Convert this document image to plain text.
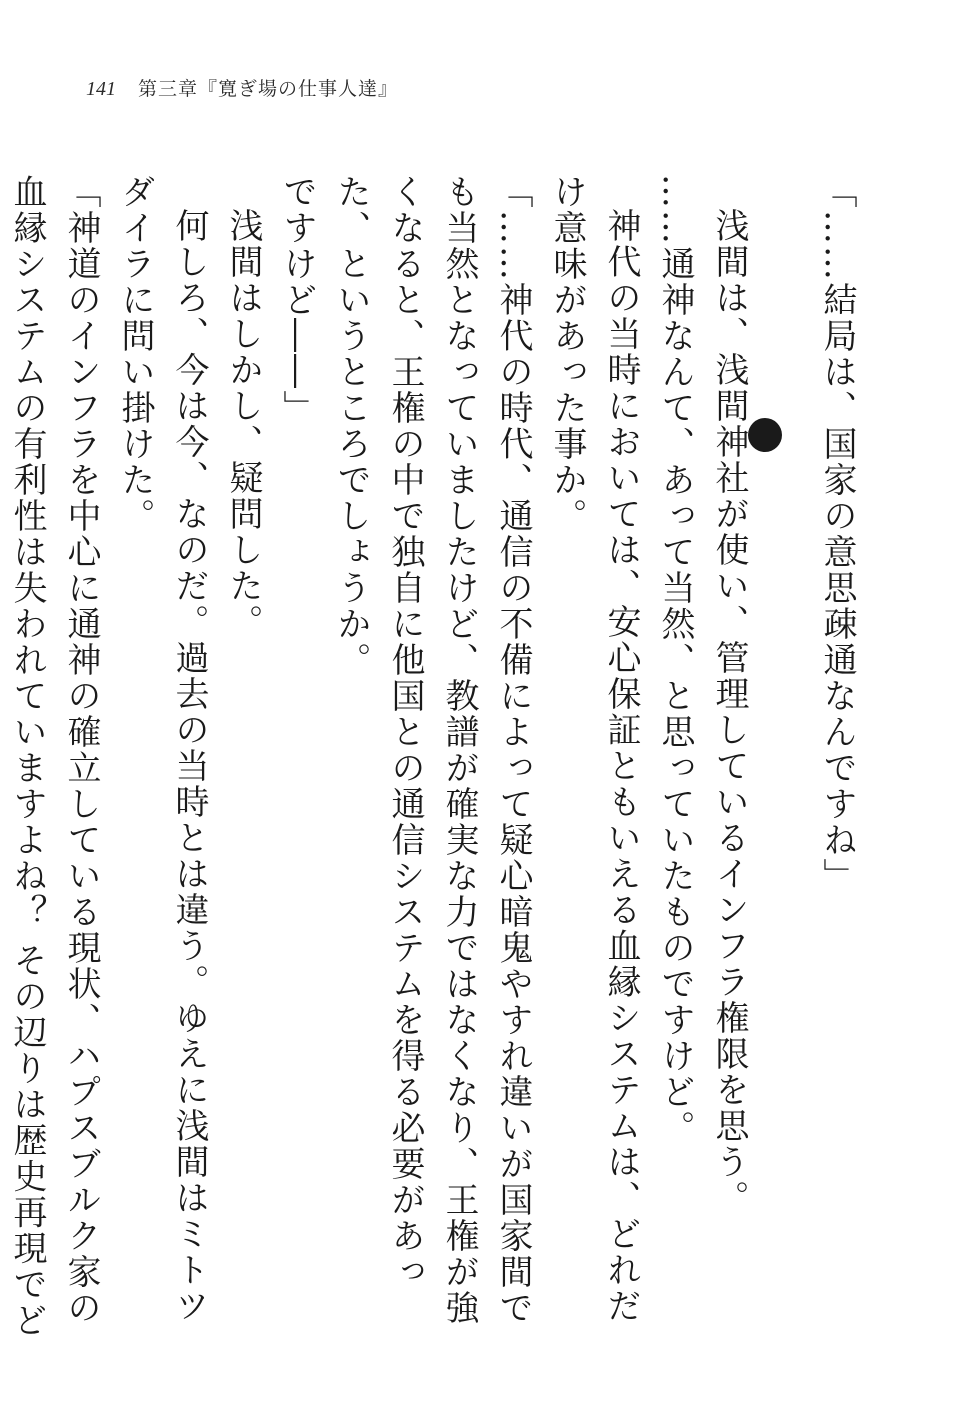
141 第三章『寛ぎ場の仕事人達』

「……結局は、国家の意思疎通なんですね」

浅間は、浅間神社が使い、管理しているインフラ権限を思う。

……通神なんて、あって当然、と思っていたものですけど。

神代の当時においては、安心保証ともいえる血縁システムは、どれだけ意味があった事か。

「……神代の時代、通信の不備によって疑心暗鬼やすれ違いが国家間でも当然となっていましたけど、教譜が確実な力ではなくなり、王権が強くなると、王権の中で独自に他国との通信システムを得る必要があった、というところでしょうか。

ですけど――」

浅間はしかし、疑問した。

何しろ、今は今、なのだ。過去の当時とは違う。ゆえに浅間はミトツダイラに問い掛けた。

「神道のインフラを中心に通神の確立している現状、ハプスブルク家の血縁システムの有利性は失われていますよね？ その辺りは歴史再現でど
